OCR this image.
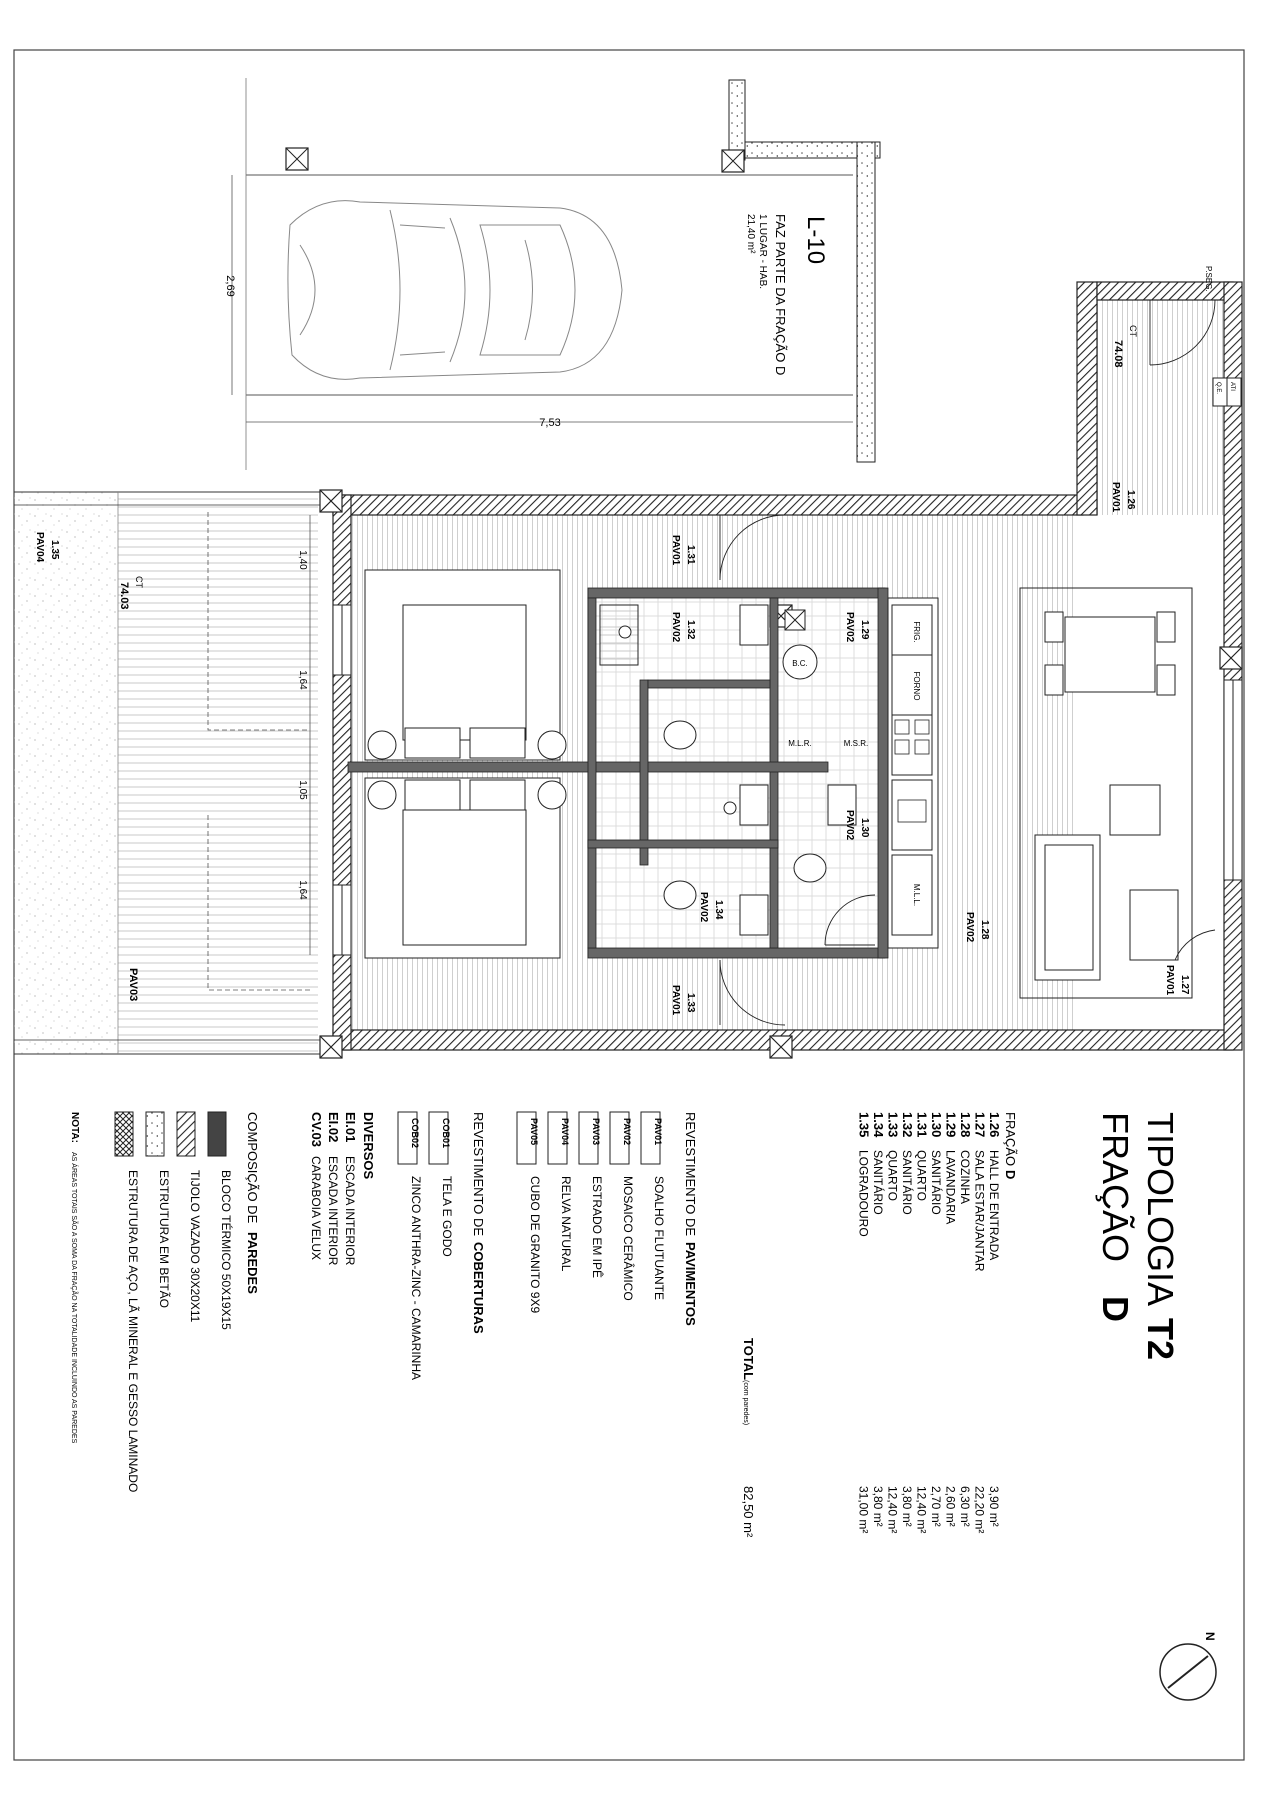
2,69
7,53
L-10
FAZ PARTE DA FRAÇÃO D
1 LUGAR - HAB.
21,40 m²
FRIG.
FORNO
M.L.L.
M.L.R.	M.S.R.
B.C.
1,40
1,64
1,05
1,64
P.SEG.
Q.E. ATI
CT
74.08
CT
74.03
PAV03
1.26
PAV01
1.27
PAV01
1.28
PAV02
1.29
PAV02
1.30
PAV02
1.31
PAV01
1.32
PAV02
1.33
PAV01
1.34
PAV02
1.35
PAV04
TIPOLOGIA
T2
FRAÇÃO
D
FRAÇÃO
D
1.26
HALL DE ENTRADA
3,90 m²
1.27
SALA ESTAR/JANTAR
22,20 m²
1.28
COZINHA
6,30 m²
1.29
LAVANDARIA
2,60 m²
1.30
SANITÁRIO
2,70 m²
1.31
QUARTO
12,40 m²
1.32
SANITÁRIO
3,80 m²
1.33
QUARTO
12,40 m²
1.34
SANITÁRIO
3,80 m²
1.35
LOGRADOURO
31,00 m²
TOTAL
(com paredes)
82,50 m²
REVESTIMENTO DE
PAVIMENTOS
PAV01
SOALHO FLUTUANTE
PAV02
MOSAICO CERÂMICO
PAV03
ESTRADO EM IPÊ
PAV04
RELVA NATURAL
PAV05
CUBO DE GRANITO 9X9
REVESTIMENTO DE
COBERTURAS
COB01
TELA E GODO
COB02
ZINCO ANTHRA-ZINC - CAMARINHA
DIVERSOS
EI.01
ESCADA INTERIOR
EI.02
ESCADA INTERIOR
CV.03
CARABOIA VELUX
COMPOSIÇÃO DE
PAREDES
BLOCO TÉRMICO 50X19X15
TIJOLO VAZADO 30X20X11
ESTRUTURA EM BETÃO
ESTRUTURA DE AÇO, LÃ MINERAL E GESSO LAMINADO
NOTA:
AS ÁREAS TOTAIS SÃO A SOMA DA FRAÇÃO NA TOTALIDADE INCLUINDO AS PAREDES
N
